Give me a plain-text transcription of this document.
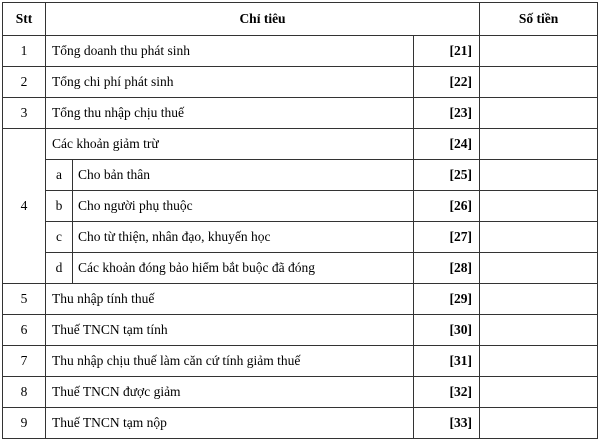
Stt	Chỉ tiêu			Số tiền
1	Tổng doanh thu phát sinh		[21]	
2	Tổng chi phí phát sinh		[22]	
3	Tổng thu nhập chịu thuế		[23]	
4	Các khoản giảm trừ		[24]	
	a	Cho bản thân	[25]	
	b	Cho người phụ thuộc	[26]	
	c	Cho từ thiện, nhân đạo, khuyến học	[27]	
	d	Các khoản đóng bảo hiểm bắt buộc đã đóng	[28]	
5	Thu nhập tính thuế		[29]	
6	Thuế TNCN tạm tính		[30]	
7	Thu nhập chịu thuế làm căn cứ tính giảm thuế		[31]	
8	Thuế TNCN được giảm		[32]	
9	Thuế TNCN tạm nộp		[33]	
